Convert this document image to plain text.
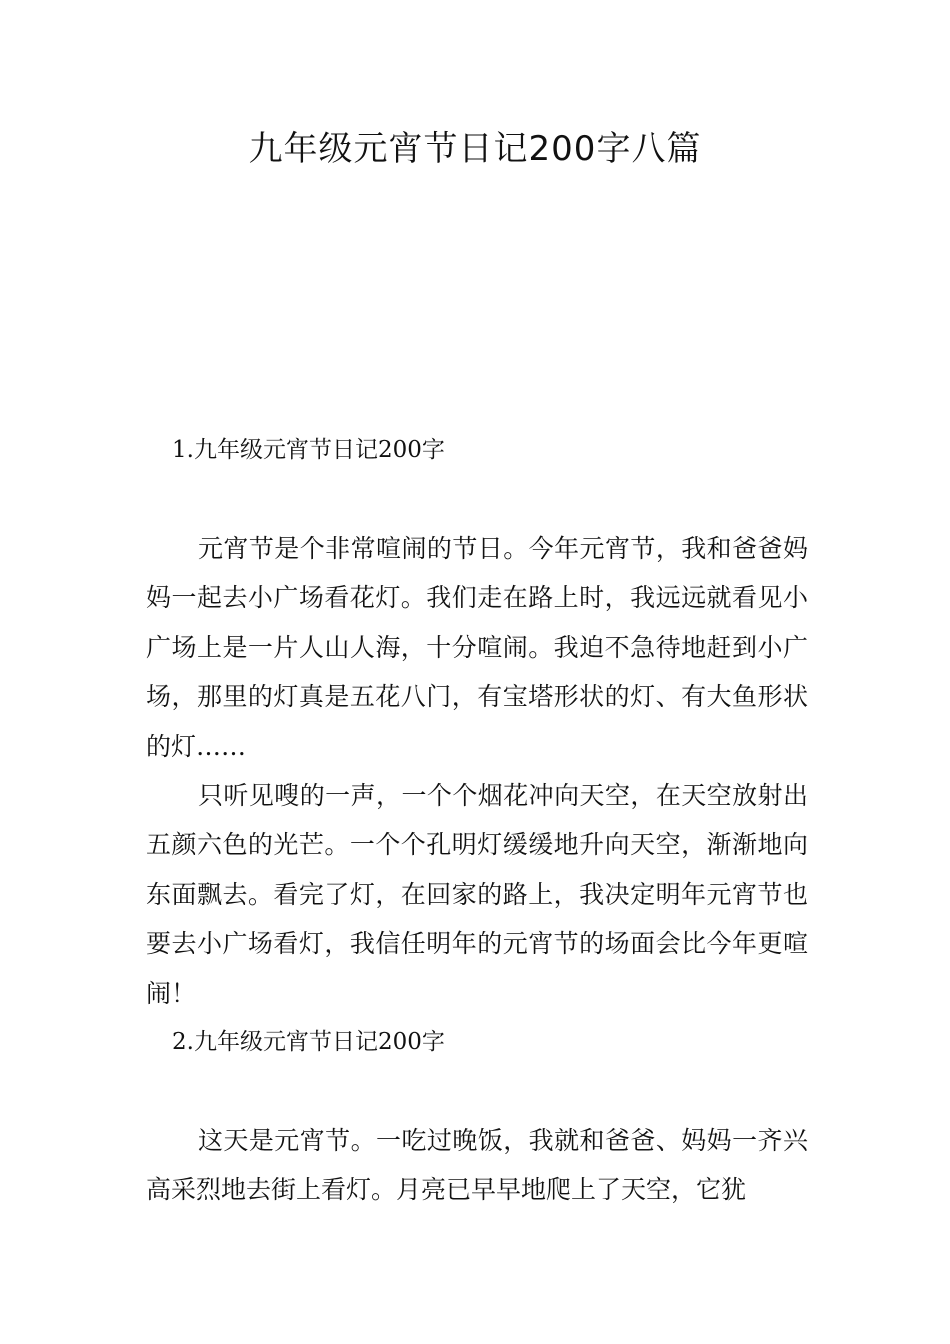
九年级元宵节日记200字八篇
1.九年级元宵节日记200字

元宵节是个非常喧闹的节日。今年元宵节，我和爸爸妈妈一起去小广场看花灯。我们走在路上时，我远远就看见小广场上是一片人山人海，十分喧闹。我迫不急待地赶到小广场，那里的灯真是五花八门，有宝塔形状的灯、有大鱼形状的灯……

只听见嗖的一声，一个个烟花冲向天空，在天空放射出五颜六色的光芒。一个个孔明灯缓缓地升向天空，渐渐地向东面飘去。看完了灯，在回家的路上，我决定明年元宵节也要去小广场看灯，我信任明年的元宵节的场面会比今年更喧闹！

2.九年级元宵节日记200字

这天是元宵节。一吃过晚饭，我就和爸爸、妈妈一齐兴高采烈地去街上看灯。月亮已早早地爬上了天空，它犹
